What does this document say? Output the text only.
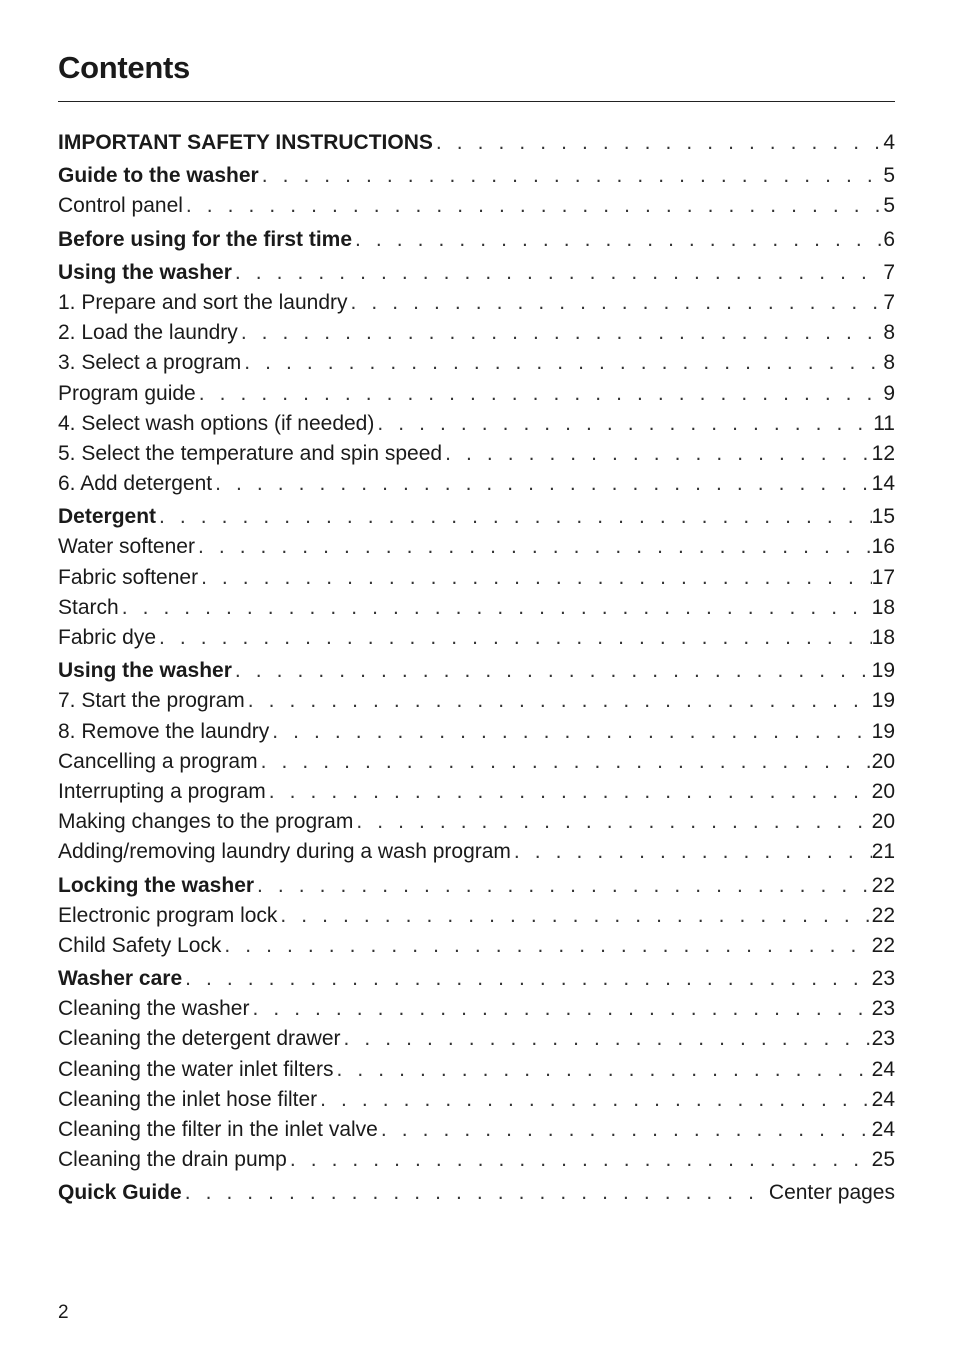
Contents
IMPORTANT SAFETY INSTRUCTIONS . . .	4
Guide to the washer . . .	5
Control panel . . .	5
Before using for the first time . . .	6
Using the washer . . .	7
1. Prepare and sort the laundry . . .	7
2. Load the laundry . . .	8
3. Select a program . . .	8
Program guide . . .	9
4. Select wash options (if needed) . . .	11
5. Select the temperature and spin speed . . .	12
6. Add detergent . . .	14
Detergent . . .	15
Water softener . . .	16
Fabric softener . . .	17
Starch . . .	18
Fabric dye . . .	18
Using the washer . . .	19
7. Start the program . . .	19
8. Remove the laundry . . .	19
Cancelling a program . . .	20
Interrupting a program . . .	20
Making changes to the program . . .	20
Adding/removing laundry during a wash program . . .	21
Locking the washer . . .	22
Electronic program lock . . .	22
Child Safety Lock . . .	22
Washer care . . .	23
Cleaning the washer . . .	23
Cleaning the detergent drawer . . .	23
Cleaning the water inlet filters . . .	24
Cleaning the inlet hose filter . . .	24
Cleaning the filter in the inlet valve . . .	24
Cleaning the drain pump . . .	25
Quick Guide . . .	Center pages
2
